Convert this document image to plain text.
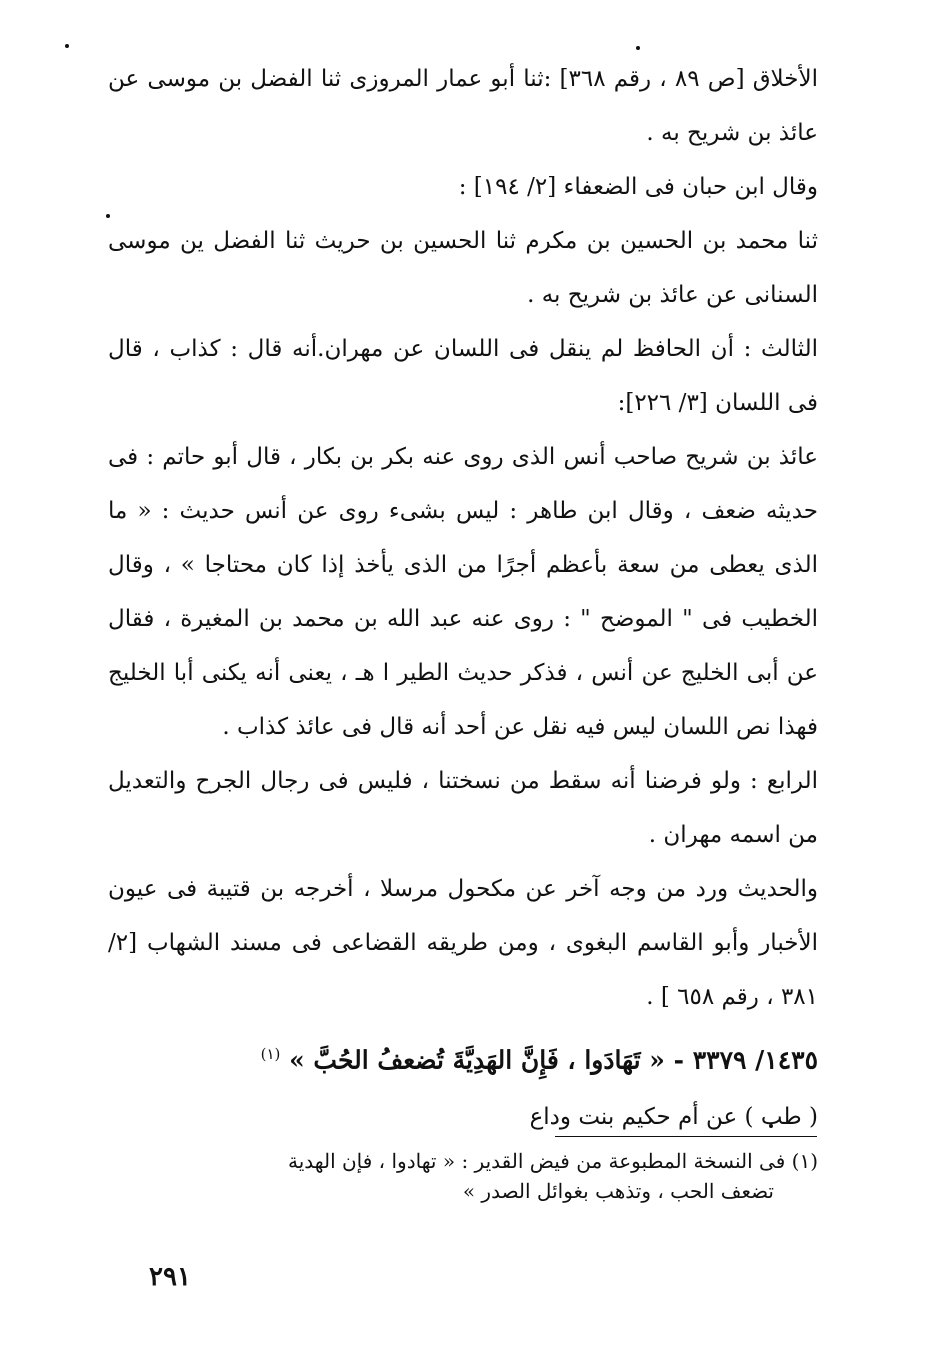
الأخلاق [ص ٨٩ ، رقم ٣٦٨] :ثنا أبو عمار المروزى ثنا الفضل بن موسى عن عائذ بن شريح به .

وقال ابن حبان فى الضعفاء [٢/ ١٩٤] :

ثنا محمد بن الحسين بن مكرم ثنا الحسين بن حريث ثنا الفضل ين موسى السنانى عن عائذ بن شريح به .

الثالث : أن الحافظ لم ينقل فى اللسان عن مهران.أنه قال : كذاب ، قال فى اللسان [٣/ ٢٢٦]:

عائذ بن شريح صاحب أنس الذى روى عنه بكر بن بكار ، قال أبو حاتم : فى حديثه ضعف ، وقال ابن طاهر : ليس بشىء روى عن أنس حديث : « ما الذى يعطى من سعة بأعظم أجرًا من الذى يأخذ إذا كان محتاجا » ، وقال الخطيب فى " الموضح " : روى عنه عبد الله بن محمد بن المغيرة ، فقال عن أبى الخليج عن أنس ، فذكر حديث الطير ا هـ ، يعنى أنه يكنى أبا الخليج فهذا نص اللسان ليس فيه نقل عن أحد أنه قال فى عائذ كذاب .

الرابع : ولو فرضنا أنه سقط من نسختنا ، فليس فى رجال الجرح والتعديل من اسمه مهران .

والحديث ورد من وجه آخر عن مكحول مرسلا ، أخرجه بن قتيبة فى عيون الأخبار وأبو القاسم البغوى ، ومن طريقه القضاعى فى مسند الشهاب [٢/ ٣٨١ ، رقم ٦٥٨ ] .

١٤٣٥/ ٣٣٧٩ - « تَهَادَوا ، فَإِنَّ الهَدِيَّةَ تُضعفُ الحُبَّ » $^{(١)}$

( طب ) عن أم حكيم بنت وداع

(١) فى النسخة المطبوعة من فيض القدير : « تهادوا ، فإن الهدية
تضعف الحب ، وتذهب بغوائل الصدر »
٢٩١
